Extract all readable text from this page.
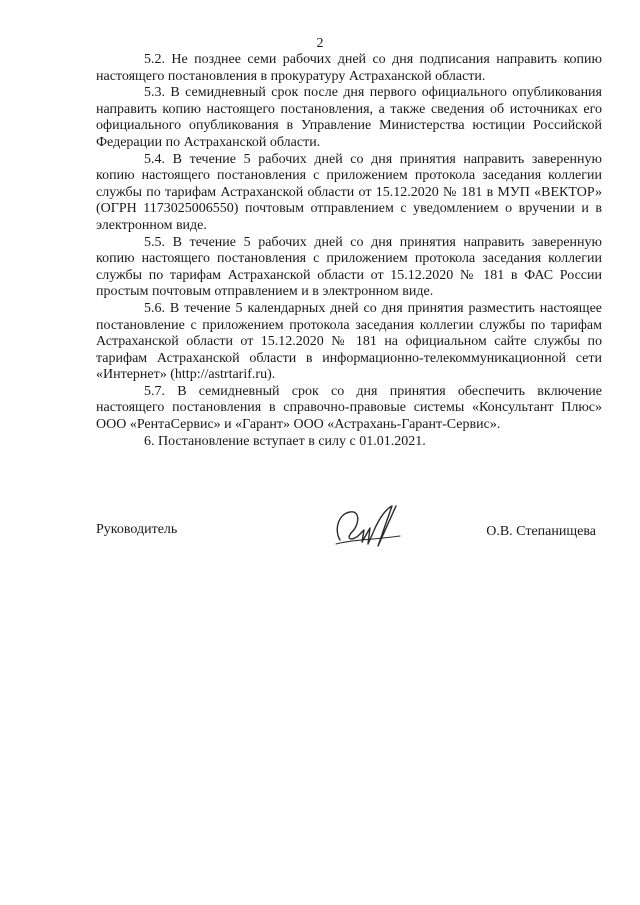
2

5.2. Не позднее семи рабочих дней со дня подписания направить копию настоящего постановления в прокуратуру Астраханской области.

5.3. В семидневный срок после дня первого официального опубликования направить копию настоящего постановления, а также сведения об источниках его официального опубликования в Управление Министерства юстиции Российской Федерации по Астраханской области.

5.4. В течение 5 рабочих дней со дня принятия направить заверенную копию настоящего постановления с приложением протокола заседания коллегии службы по тарифам Астраханской области от 15.12.2020 № 181 в МУП «ВЕКТОР» (ОГРН 1173025006550) почтовым отправлением с уведомлением о вручении и в электронном виде.

5.5. В течение 5 рабочих дней со дня принятия направить заверенную копию настоящего постановления с приложением протокола заседания коллегии службы по тарифам Астраханской области от 15.12.2020 № 181 в ФАС России простым почтовым отправлением и в электронном виде.

5.6. В течение 5 календарных дней со дня принятия разместить настоящее постановление с приложением протокола заседания коллегии службы по тарифам Астраханской области от 15.12.2020 № 181 на официальном сайте службы по тарифам Астраханской области в информационно-телекоммуникационной сети «Интернет» (http://astrtarif.ru).

5.7. В семидневный срок со дня принятия обеспечить включение настоящего постановления в справочно-правовые системы «Консультант Плюс» ООО «РентаСервис» и «Гарант» ООО «Астрахань-Гарант-Сервис».

6. Постановление вступает в силу с 01.01.2021.

Руководитель	О.В. Степанищева
